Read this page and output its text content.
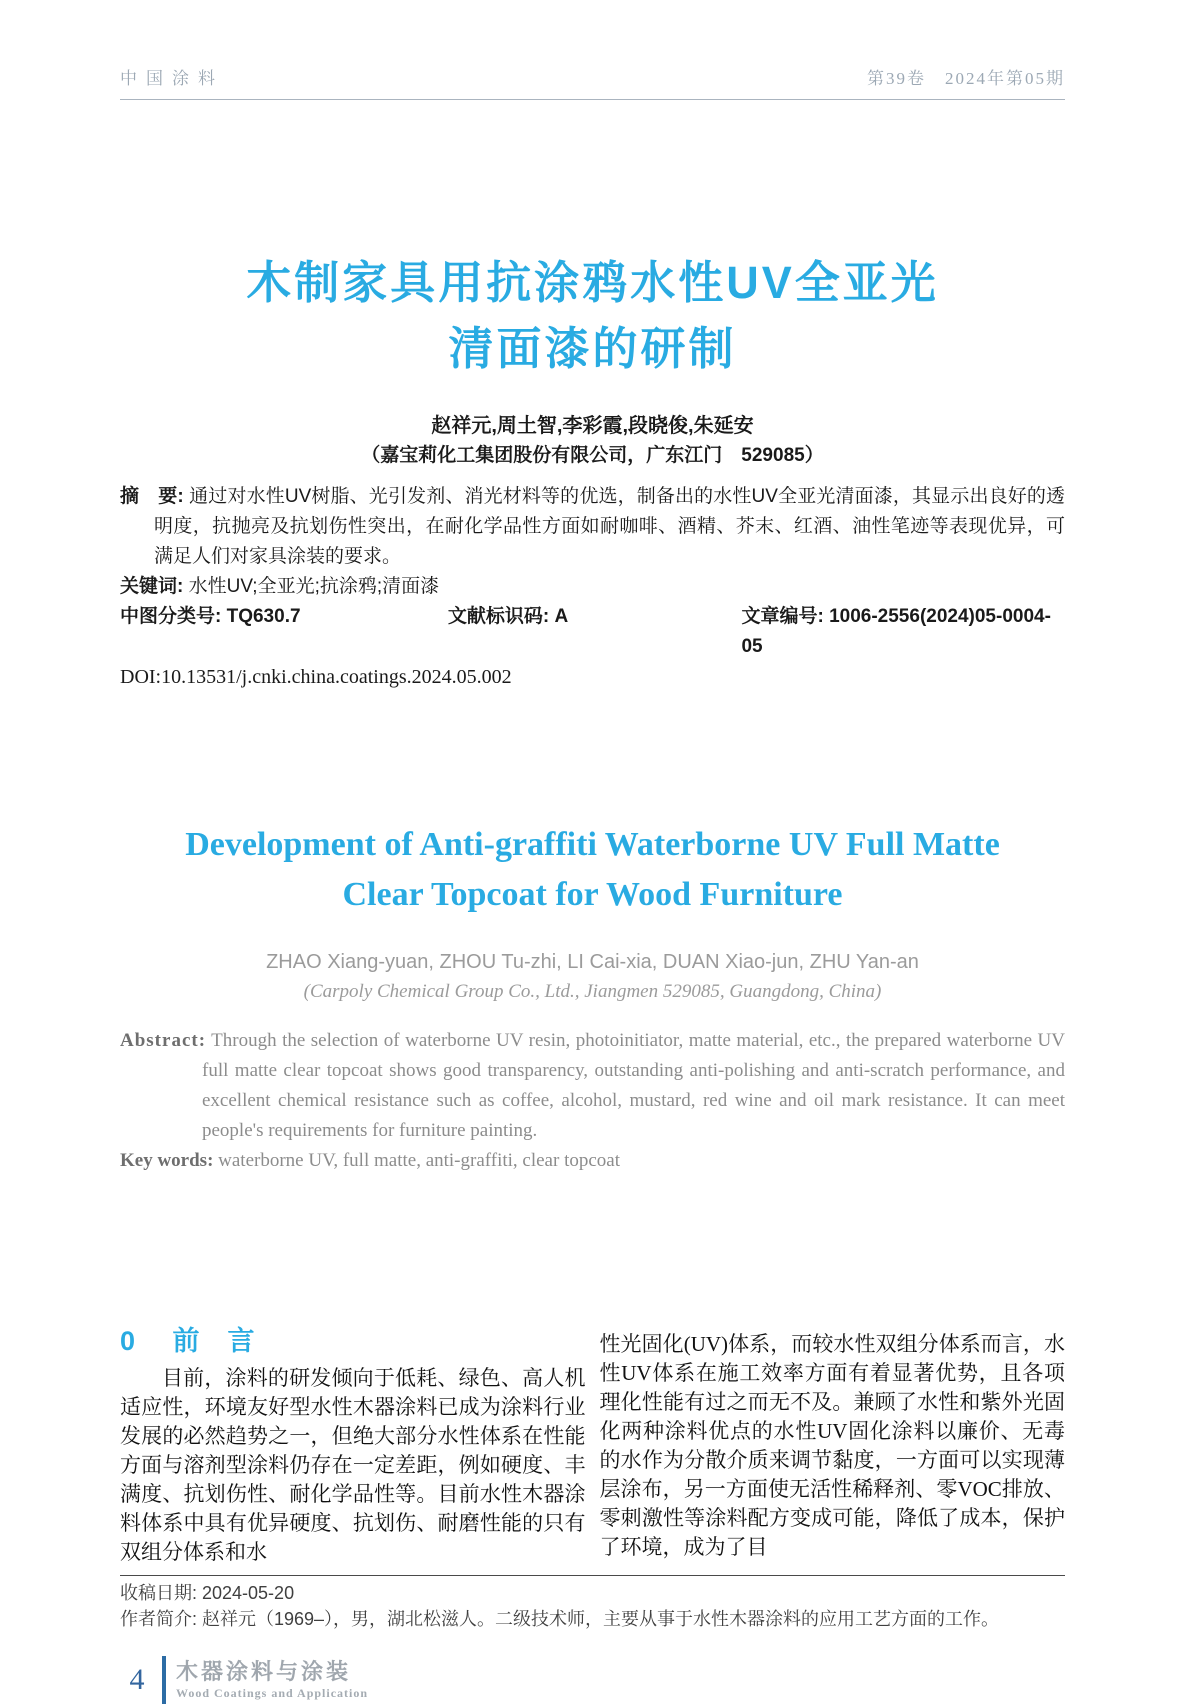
中国涂料	第39卷　2024年第05期
木制家具用抗涂鸦水性UV全亚光
清面漆的研制
赵祥元,周土智,李彩霞,段晓俊,朱延安
（嘉宝莉化工集团股份有限公司，广东江门　529085）
摘　要: 通过对水性UV树脂、光引发剂、消光材料等的优选，制备出的水性UV全亚光清面漆，其显示出良好的透明度，抗抛亮及抗划伤性突出，在耐化学品性方面如耐咖啡、酒精、芥末、红酒、油性笔迹等表现优异，可满足人们对家具涂装的要求。
关键词: 水性UV;全亚光;抗涂鸦;清面漆
中图分类号: TQ630.7	文献标识码: A	文章编号: 1006-2556(2024)05-0004-05
DOI:10.13531/j.cnki.china.coatings.2024.05.002
Development of Anti-graffiti Waterborne UV Full Matte
Clear Topcoat for Wood Furniture
ZHAO Xiang-yuan, ZHOU Tu-zhi, LI Cai-xia, DUAN Xiao-jun, ZHU Yan-an
(Carpoly Chemical Group Co., Ltd., Jiangmen 529085, Guangdong, China)
Abstract: Through the selection of waterborne UV resin, photoinitiator, matte material, etc., the prepared waterborne UV full matte clear topcoat shows good transparency, outstanding anti-polishing and anti-scratch performance, and excellent chemical resistance such as coffee, alcohol, mustard, red wine and oil mark resistance. It can meet people's requirements for furniture painting.
Key words: waterborne UV, full matte, anti-graffiti, clear topcoat
0 前言
目前，涂料的研发倾向于低耗、绿色、高人机适应性，环境友好型水性木器涂料已成为涂料行业发展的必然趋势之一，但绝大部分水性体系在性能方面与溶剂型涂料仍存在一定差距，例如硬度、丰满度、抗划伤性、耐化学品性等。目前水性木器涂料体系中具有优异硬度、抗划伤、耐磨性能的只有双组分体系和水
性光固化(UV)体系，而较水性双组分体系而言，水性UV体系在施工效率方面有着显著优势，且各项理化性能有过之而无不及。兼顾了水性和紫外光固化两种涂料优点的水性UV固化涂料以廉价、无毒的水作为分散介质来调节黏度，一方面可以实现薄层涂布，另一方面使无活性稀释剂、零VOC排放、零刺激性等涂料配方变成可能，降低了成本，保护了环境，成为了目
收稿日期: 2024-05-20
作者简介: 赵祥元（1969–），男，湖北松滋人。二级技术师，主要从事于水性木器涂料的应用工艺方面的工作。
4	木器涂料与涂装
Wood Coatings and Application
